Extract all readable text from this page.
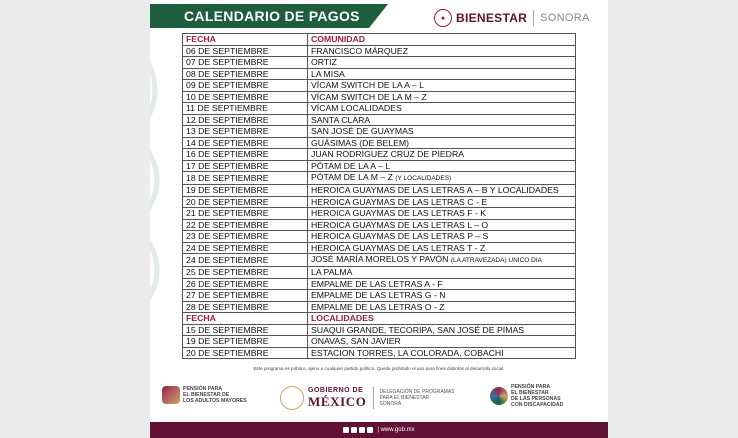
CALENDARIO DE PAGOS	✦ BIENESTAR SONORA
FECHA	COMUNIDAD
06 DE SEPTIEMBRE	FRANCISCO MÁRQUEZ
07 DE SEPTIEMBRE	ORTIZ
08 DE SEPTIEMBRE	LA MISA
09 DE SEPTIEMBRE	VÍCAM SWITCH DE LA A – L
10 DE SEPTIEMBRE	VÍCAM SWITCH DE LA M – Z
11 DE SEPTIEMBRE	VÍCAM LOCALIDADES
12 DE SEPTIEMBRE	SANTA CLARA
13 DE SEPTIEMBRE	SAN JOSÉ DE GUAYMAS
14 DE SEPTIEMBRE	GUÁSIMAS (DE BELEM)
16 DE SEPTIEMBRE	JUAN RODRÍGUEZ CRUZ DE PIEDRA
17 DE SEPTIEMBRE	PÓTAM DE LA A – L
18 DE SEPTIEMBRE	PÓTAM DE LA M – Z (Y LOCALIDADES)
19 DE SEPTIEMBRE	HEROICA GUAYMAS DE LAS LETRAS A – B Y LOCALIDADES
20 DE SEPTIEMBRE	HEROICA GUAYMAS DE LAS LETRAS C - E
21 DE SEPTIEMBRE	HEROICA GUAYMAS DE LAS LETRAS F - K
22 DE SEPTIEMBRE	HEROICA GUAYMAS DE LAS LETRAS L – O
23 DE SEPTIEMBRE	HEROICA GUAYMAS DE LAS LETRAS P – S
24 DE SEPTIEMBRE	HEROICA GUAYMAS DE LAS LETRAS T - Z
24 DE SEPTIEMBRE	JOSÉ MARÍA MORELOS Y PAVÓN (LA ATRAVEZADA) UNICO DIA
25 DE SEPTIEMBRE	LA PALMA
26 DE SEPTIEMBRE	EMPALME DE LAS LETRAS A - F
27 DE SEPTIEMBRE	EMPALME DE LAS LETRAS G - N
28 DE SEPTIEMBRE	EMPALME DE LAS LETRAS O - Z
FECHA	LOCALIDADES
15 DE SEPTIEMBRE	SUAQUI GRANDE, TECORIPA, SAN JOSÉ DE PIMAS
19 DE SEPTIEMBRE	ONAVAS, SAN JAVIER
20 DE SEPTIEMBRE	ESTACION TORRES, LA COLORADA, COBACHI
Este programa es público, ajeno a cualquier partido político. Queda prohibido el uso para fines distintos al desarrollo social.
PENSIÓN PARA
EL BIENESTAR DE
LOS ADULTOS MAYORES
GOBIERNO DE
MÉXICO
DELEGACIÓN DE PROGRAMAS
PARA EL BIENESTAR
SONORA
PENSIÓN PARA
EL BIENESTAR
DE LAS PERSONAS
CON DISCAPACIDAD
| www.gob.mx
